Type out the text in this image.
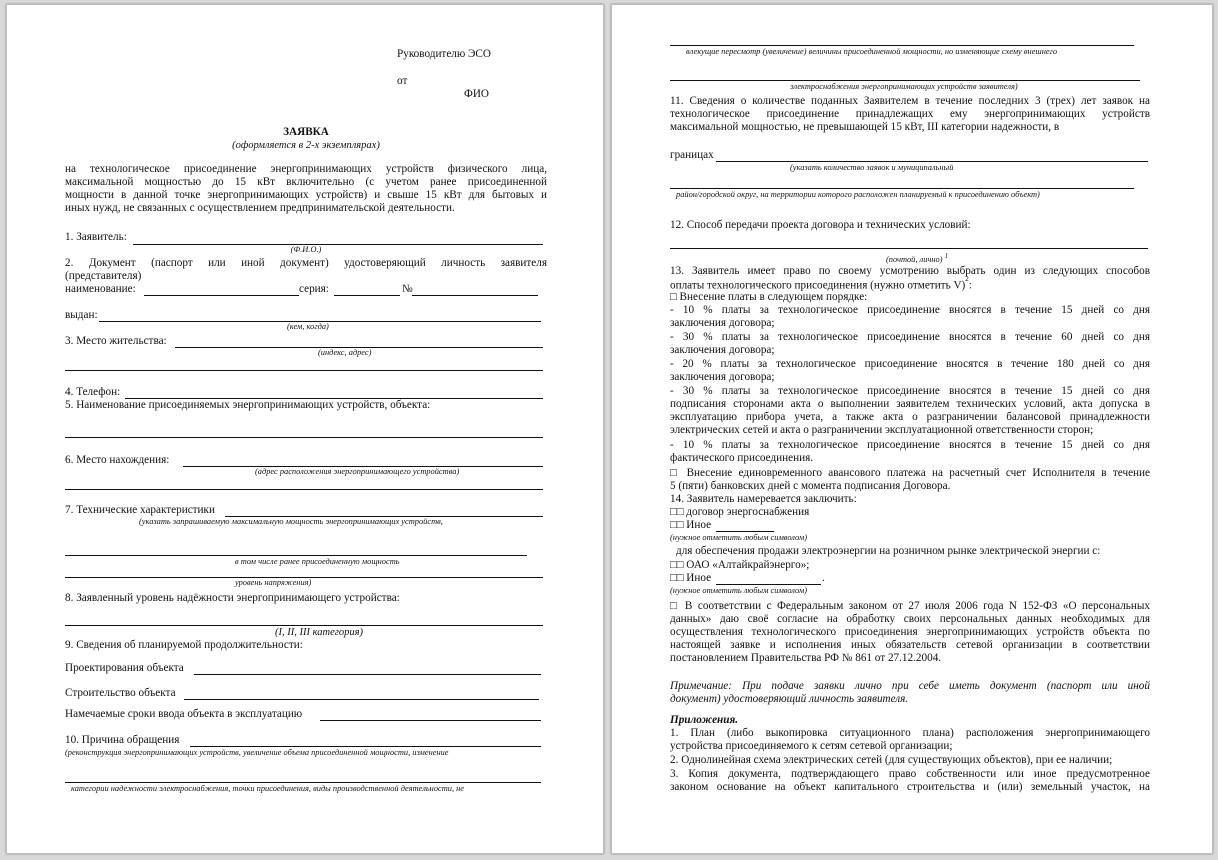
Руководителю ЭСО
от
ФИО
ЗАЯВКА
(оформляется в 2-х экземплярах)
на технологическое присоединение энергопринимающих устройств физического лица,
максимальной мощностью до 15 кВт включительно (с учетом ранее присоединенной
мощности в данной точке энергопринимающих устройств) и свыше 15 кВт для бытовых и
иных нужд, не связанных с осуществлением предпринимательской деятельности.
1. Заявитель:
(Ф.И.О.)
2. Документ (паспорт или иной документ) удостоверяющий личность заявителя
(представителя)
наименование:	серия:	№
выдан:
(кем, когда)
3. Место жительства:
(индекс, адрес)
4. Телефон:
5. Наименование присоединяемых энергопринимающих устройств, объекта:
6. Место нахождения:
(адрес расположения энергопринимающего устройства)
7. Технические характеристики
(указать запрашиваемую максимальную мощность энергопринимающих устройств,
в том числе ранее присоединенную мощность
уровень напряжения)
8. Заявленный уровень надёжности энергопринимающего устройства:
(I, II, III категория)
9. Сведения об планируемой продолжительности:
Проектирования объекта
Строительство объекта
Намечаемые сроки ввода объекта в эксплуатацию
10. Причина обращения
(реконструкция энергопринимающих устройств, увеличение объема присоединенной мощности, изменение
категории надежности электроснабжения, точки присоединения, виды производственной деятельности, не
влекущие пересмотр (увеличение) величины присоединенной мощности, но изменяющие схему внешнего
электроснабжения энергопринимающих устройств заявителя)
11. Сведения о количестве поданных Заявителем в течение последних 3 (трех) лет заявок на
технологическое присоединение принадлежащих ему энергопринимающих устройств
максимальной мощностью, не превышающей 15 кВт, III категории надежности, в
границах
(указать количество заявок и муниципальный
район/городской округ, на территории которого расположен планируемый к присоединению объект)
12. Способ передачи проекта договора и технических условий:
(почтой, лично) $^1$
13. Заявитель имеет право по своему усмотрению выбрать один из следующих способов
оплаты технологического присоединения (нужно отметить V)$^2$:
□ Внесение платы в следующем порядке:
- 10 % платы за технологическое присоединение вносятся в течение 15 дней со дня
заключения договора;
- 30 % платы за технологическое присоединение вносятся в течение 60 дней со дня
заключения договора;
- 20 % платы за технологическое присоединение вносятся в течение 180 дней со дня
заключения договора;
- 30 % платы за технологическое присоединение вносятся в течение 15 дней со дня
подписания сторонами акта о выполнении заявителем технических условий, акта допуска в
эксплуатацию прибора учета, а также акта о разграничении балансовой принадлежности
электрических сетей и акта о разграничении эксплуатационной ответственности сторон;
- 10 % платы за технологическое присоединение вносятся в течение 15 дней со дня
фактического присоединения.
□ Внесение единовременного авансового платежа на расчетный счет Исполнителя в течение
5 (пяти) банковских дней с момента подписания Договора.
14. Заявитель намеревается заключить:
□□ договор энергоснабжения
□□ Иное
(нужное отметить любым символом)
для обеспечения продажи электроэнергии на розничном рынке электрической энергии с:
□□ ОАО «Алтайкрайэнерго»;
□□ Иное	.
(нужное отметить любым символом)
□ В соответствии с Федеральным законом от 27 июля 2006 года N 152-ФЗ «О персональных
данных» даю своё согласие на обработку своих персональных данных необходимых для
осуществления технологического присоединения энергопринимающих устройств объекта по
настоящей заявке и исполнения иных обязательств сетевой организации в соответствии
постановлением Правительства РФ № 861 от 27.12.2004.
Примечание: При подаче заявки лично при себе иметь документ (паспорт или иной
документ) удостоверяющий личность заявителя.
Приложения.
1. План (либо выкопировка ситуационного плана) расположения энергопринимающего
устройства присоединяемого к сетям сетевой организации;
2. Однолинейная схема электрических сетей (для существующих объектов), при ее наличии;
3. Копия документа, подтверждающего право собственности или иное предусмотренное
законом основание на объект капитального строительства и (или) земельный участок, на
